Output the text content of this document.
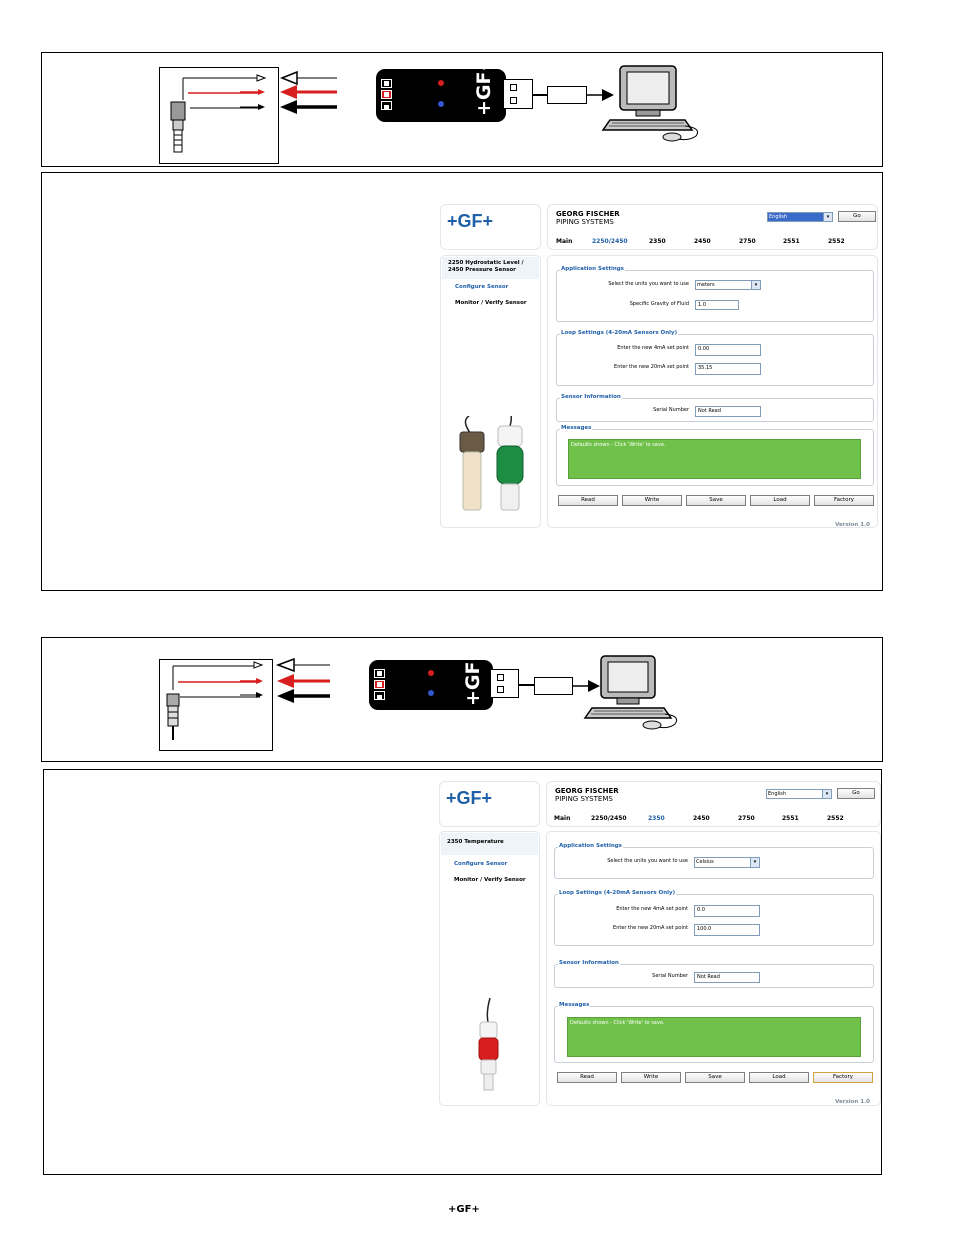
+GF+
+GF+	GEORG FISCHER
PIPING SYSTEMS
English	▾	Go
Main	2250/2450	2350	2450	2750	2551	2552
2250 Hydrostatic Level / 2450 Pressure Sensor
Configure Sensor
Monitor / Verify Sensor
Application Settings
Select the units you want to use	meters	▾
Specific Gravity of Fluid	1.0
Loop Settings (4-20mA Sensors Only)
Enter the new 4mA set point	0.00
Enter the new 20mA set point	35.15
Sensor Information
Serial Number	Not Read
Messages
Defaults shown - Click 'Write' to save.
Read	Write	Save	Load	Factory
Version 1.0
+GF+
+GF+	GEORG FISCHER
PIPING SYSTEMS
English	▾	Go
Main	2250/2450	2350	2450	2750	2551	2552
2350 Temperature
Configure Sensor
Monitor / Verify Sensor
Application Settings
Select the units you want to use	Celsius	▾
Loop Settings (4-20mA Sensors Only)
Enter the new 4mA set point	0.0
Enter the new 20mA set point	100.0
Sensor Information
Serial Number	Not Read
Messages
Defaults shown - Click 'Write' to save.
Read	Write	Save	Load	Factory
Version 1.0
+GF+
